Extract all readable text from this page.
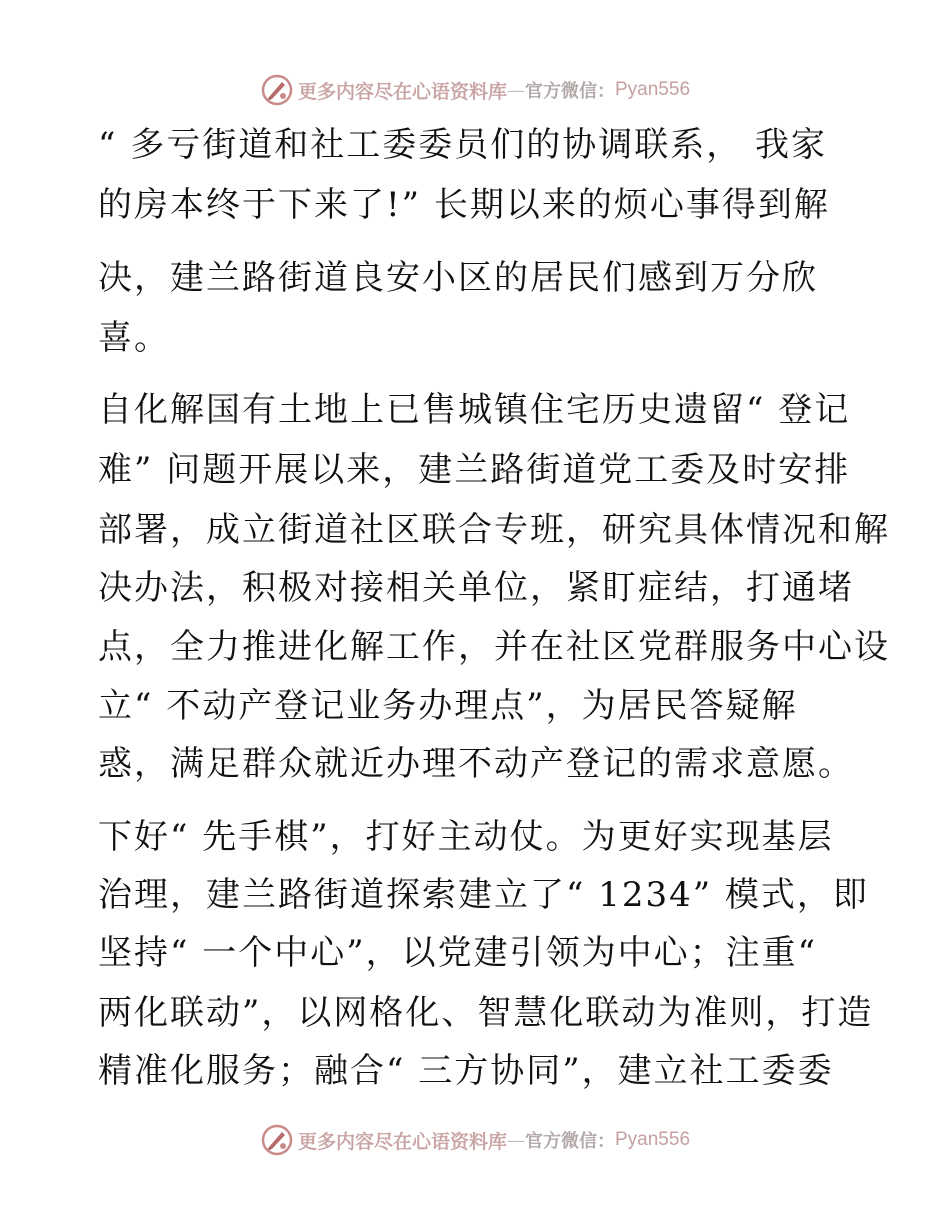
更多内容尽在心语资料库 — 官方微信： Pyan556
“ 多亏街道和社工委委员们的协调联系， 我家
的房本终于下来了!” 长期以来的烦心事得到解
决，建兰路街道良安小区的居民们感到万分欣
喜。
自化解国有土地上已售城镇住宅历史遗留“ 登记
难” 问题开展以来，建兰路街道党工委及时安排
部署，成立街道社区联合专班，研究具体情况和解
决办法，积极对接相关单位，紧盯症结，打通堵
点，全力推进化解工作，并在社区党群服务中心设
立“ 不动产登记业务办理点”，为居民答疑解
惑，满足群众就近办理不动产登记的需求意愿。
下好“ 先手棋”，打好主动仗。为更好实现基层
治理，建兰路街道探索建立了“ 1234” 模式，即
坚持“ 一个中心”，以党建引领为中心；注重“
两化联动”，以网格化、智慧化联动为准则，打造
精准化服务；融合“ 三方协同”，建立社工委委
更多内容尽在心语资料库 — 官方微信： Pyan556
